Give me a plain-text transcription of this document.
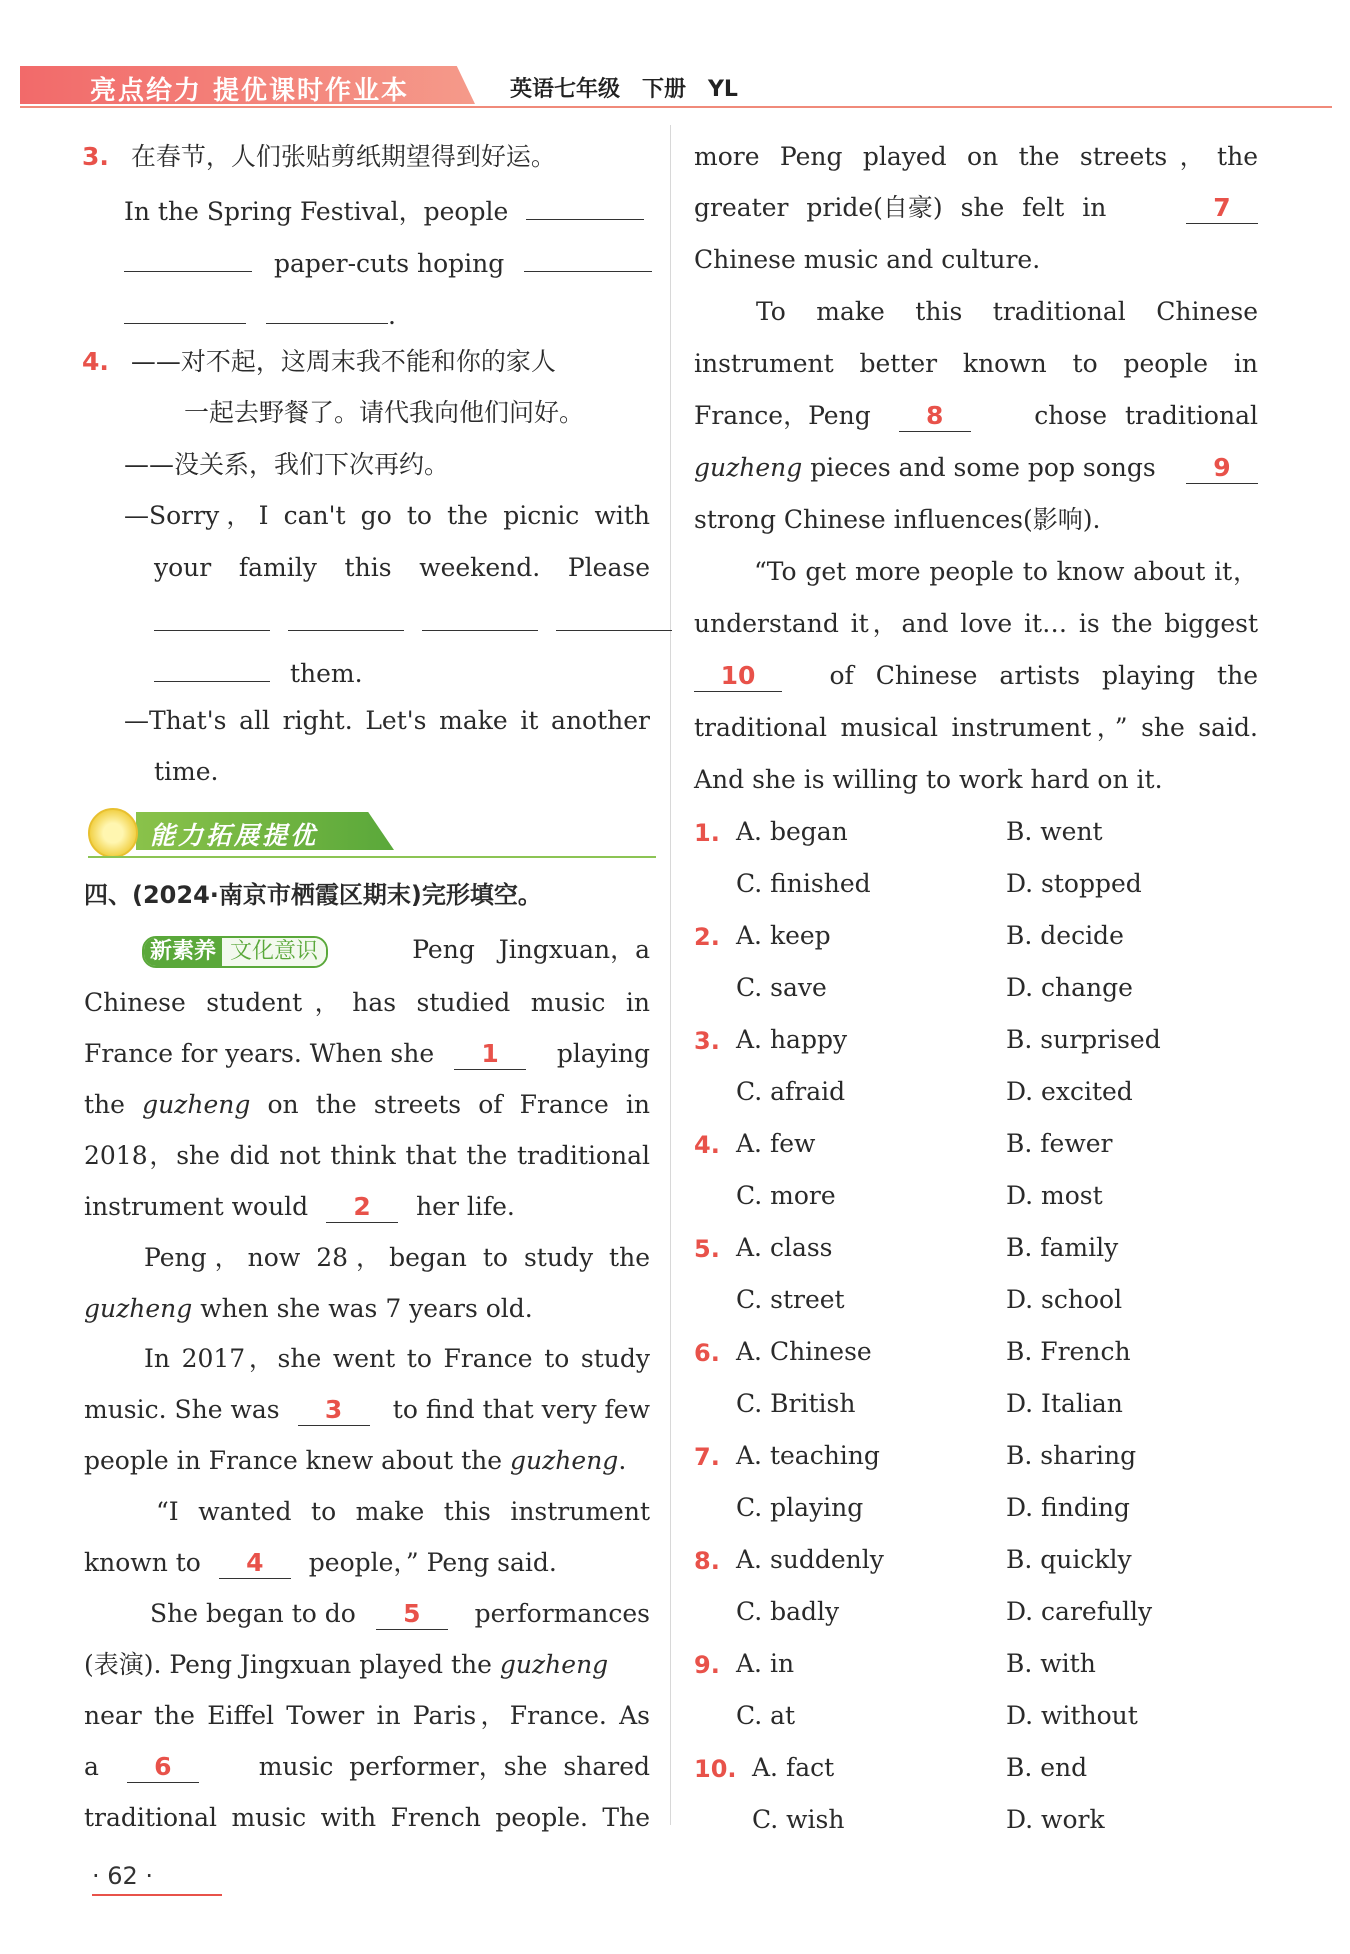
亮点给力 提优课时作业本	英语七年级　下册　YL
3. 在春节，人们张贴剪纸期望得到好运。
In the Spring Festival，people
paper-cuts hoping
.
4. ——对不起，这周末我不能和你的家人
一起去野餐了。请代我向他们问好。
——没关系，我们下次再约。
—Sorry，I can't go to the picnic with
your family this weekend. Please

them.
—That's all right. Let's make it another
time.
能力拓展提优
四、(2024·南京市栖霞区期末)完形填空。
新素养 文化意识	Peng Jingxuan，a
Chinese student，has studied music in
France for years. When she 1 playing
the guzheng on the streets of France in
2018，she did not think that the traditional
instrument would 2 her life.
Peng，now 28，began to study the
guzheng when she was 7 years old.
In 2017，she went to France to study
music. She was 3 to find that very few
people in France knew about the guzheng.
“I wanted to make this instrument
known to 4 people，” Peng said.
She began to do 5 performances
(表演). Peng Jingxuan played the guzheng
near the Eiffel Tower in Paris，France. As
a 6	music performer，she shared
traditional music with French people. The
more Peng played on the streets，the
greater pride(自豪) she felt in	7
Chinese music and culture.
To make this traditional Chinese
instrument better known to people in
France，Peng 8	chose traditional
guzheng pieces and some pop songs	9
strong Chinese influences(影响).
“To get more people to know about it，
understand it，and love it… is the biggest
10	of Chinese artists playing the
traditional musical instrument，” she said.
And she is willing to work hard on it.
1. A. began	B. went
C. finished	D. stopped
2. A. keep	B. decide
C. save	D. change
3. A. happy	B. surprised
C. afraid	D. excited
4. A. few	B. fewer
C. more	D. most
5. A. class	B. family
C. street	D. school
6. A. Chinese	B. French
C. British	D. Italian
7. A. teaching	B. sharing
C. playing	D. finding
8. A. suddenly	B. quickly
C. badly	D. carefully
9. A. in	B. with
C. at	D. without
10. A. fact	B. end
C. wish	D. work
· 62 ·
